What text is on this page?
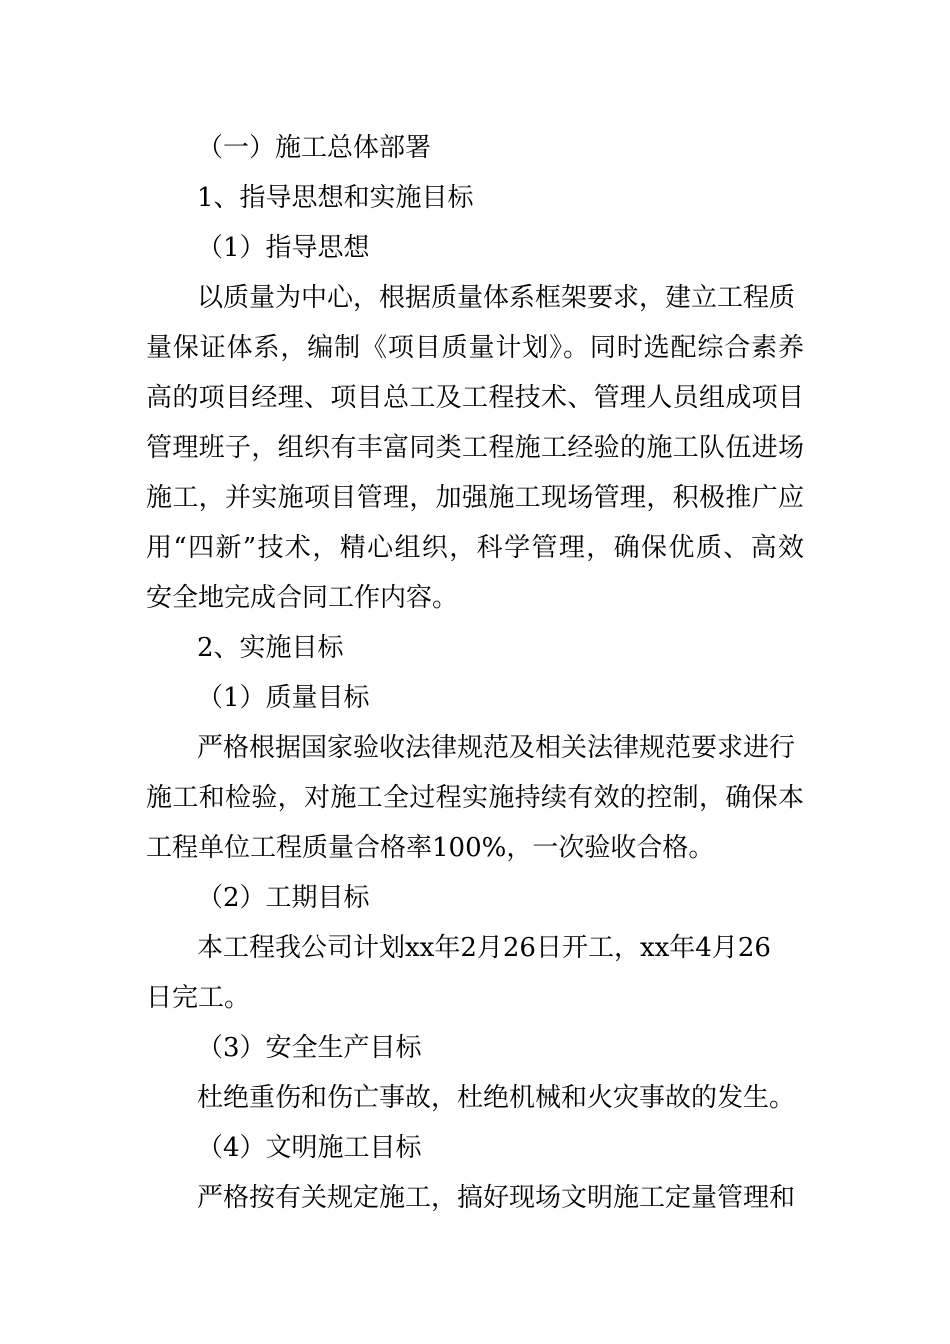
（一）施工总体部署
1、指导思想和实施目标
（1）指导思想
以质量为中心，根据质量体系框架要求，建立工程质
量保证体系，编制《项目质量计划》。同时选配综合素养
高的项目经理、项目总工及工程技术、管理人员组成项目
管理班子，组织有丰富同类工程施工经验的施工队伍进场
施工，并实施项目管理，加强施工现场管理，积极推广应
用“四新”技术，精心组织，科学管理，确保优质、高效
安全地完成合同工作内容。
2、实施目标
（1）质量目标
严格根据国家验收法律规范及相关法律规范要求进行
施工和检验，对施工全过程实施持续有效的控制，确保本
工程单位工程质量合格率100%，一次验收合格。
（2）工期目标
本工程我公司计划xx年2月26日开工，xx年4月26
日完工。
（3）安全生产目标
杜绝重伤和伤亡事故，杜绝机械和火灾事故的发生。
（4）文明施工目标
严格按有关规定施工，搞好现场文明施工定量管理和
